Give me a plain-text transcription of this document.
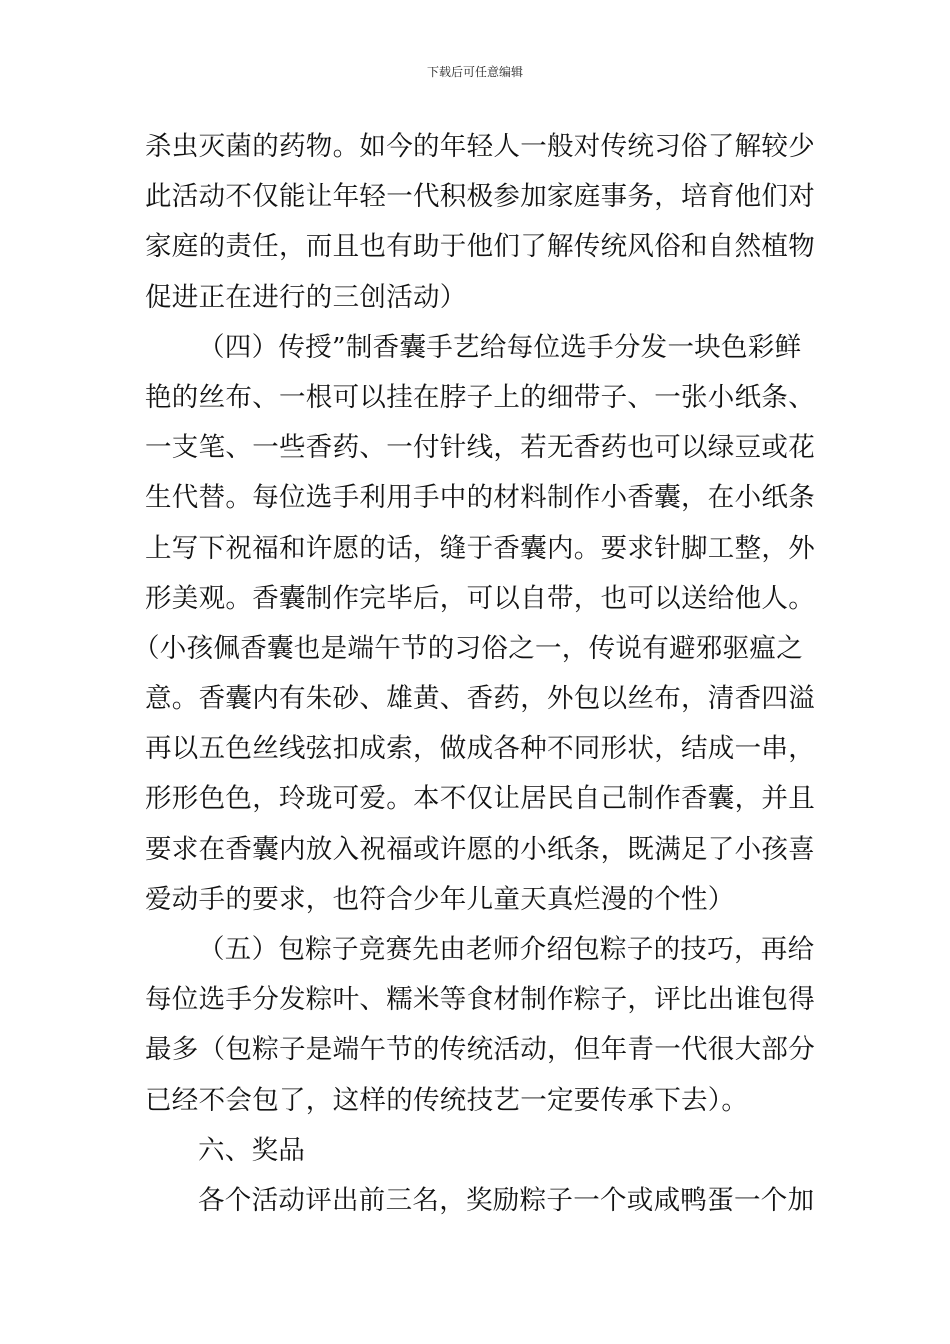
下载后可任意编辑
杀虫灭菌的药物。如今的年轻人一般对传统习俗了解较少
此活动不仅能让年轻一代积极参加家庭事务，培育他们对
家庭的责任，而且也有助于他们了解传统风俗和自然植物
促进正在进行的三创活动）
（四）传授”制香囊手艺给每位选手分发一块色彩鲜
艳的丝布、一根可以挂在脖子上的细带子、一张小纸条、
一支笔、一些香药、一付针线，若无香药也可以绿豆或花
生代替。每位选手利用手中的材料制作小香囊，在小纸条
上写下祝福和许愿的话，缝于香囊内。要求针脚工整，外
形美观。香囊制作完毕后，可以自带，也可以送给他人。
（小孩佩香囊也是端午节的习俗之一，传说有避邪驱瘟之
意。香囊内有朱砂、雄黄、香药，外包以丝布，清香四溢
再以五色丝线弦扣成索，做成各种不同形状，结成一串，
形形色色，玲珑可爱。本不仅让居民自己制作香囊，并且
要求在香囊内放入祝福或许愿的小纸条，既满足了小孩喜
爱动手的要求，也符合少年儿童天真烂漫的个性）
（五）包粽子竞赛先由老师介绍包粽子的技巧，再给
每位选手分发粽叶、糯米等食材制作粽子，评比出谁包得
最多（包粽子是端午节的传统活动，但年青一代很大部分
已经不会包了，这样的传统技艺一定要传承下去）。
六、奖品
各个活动评出前三名，奖励粽子一个或咸鸭蛋一个加
